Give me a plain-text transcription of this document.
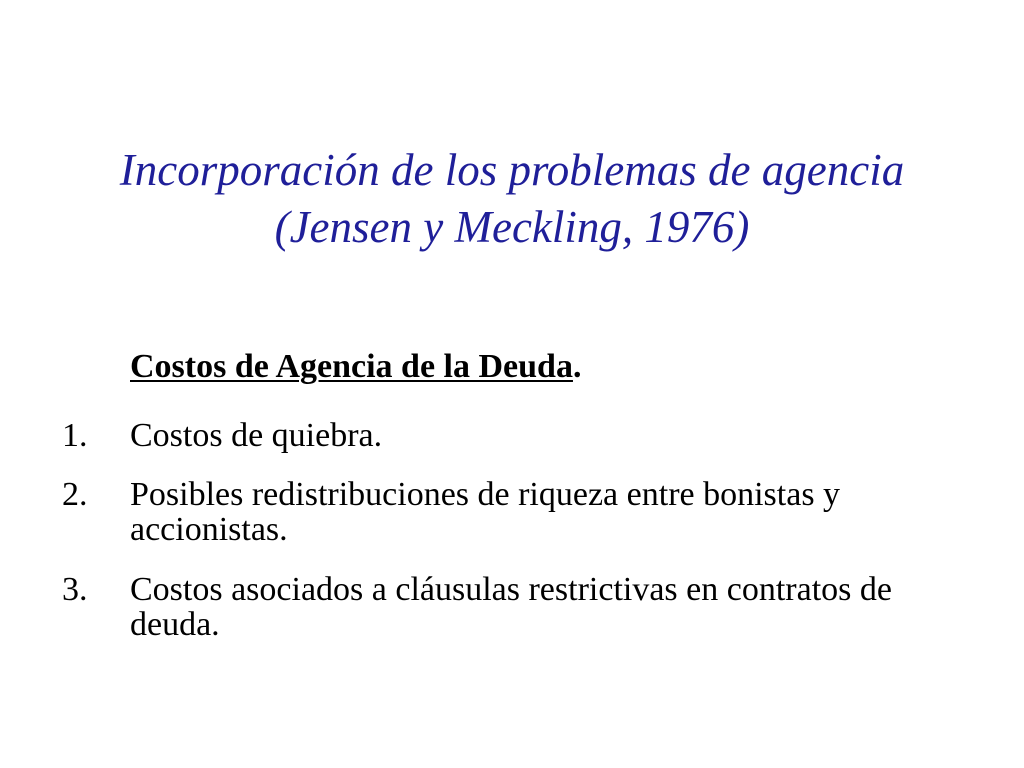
Incorporación de los problemas de agencia
(Jensen y Meckling, 1976)
Costos de Agencia de la Deuda.
1. Costos de quiebra.
2. Posibles redistribuciones de riqueza entre bonistas y
accionistas.
3. Costos asociados a cláusulas restrictivas en contratos de
deuda.
